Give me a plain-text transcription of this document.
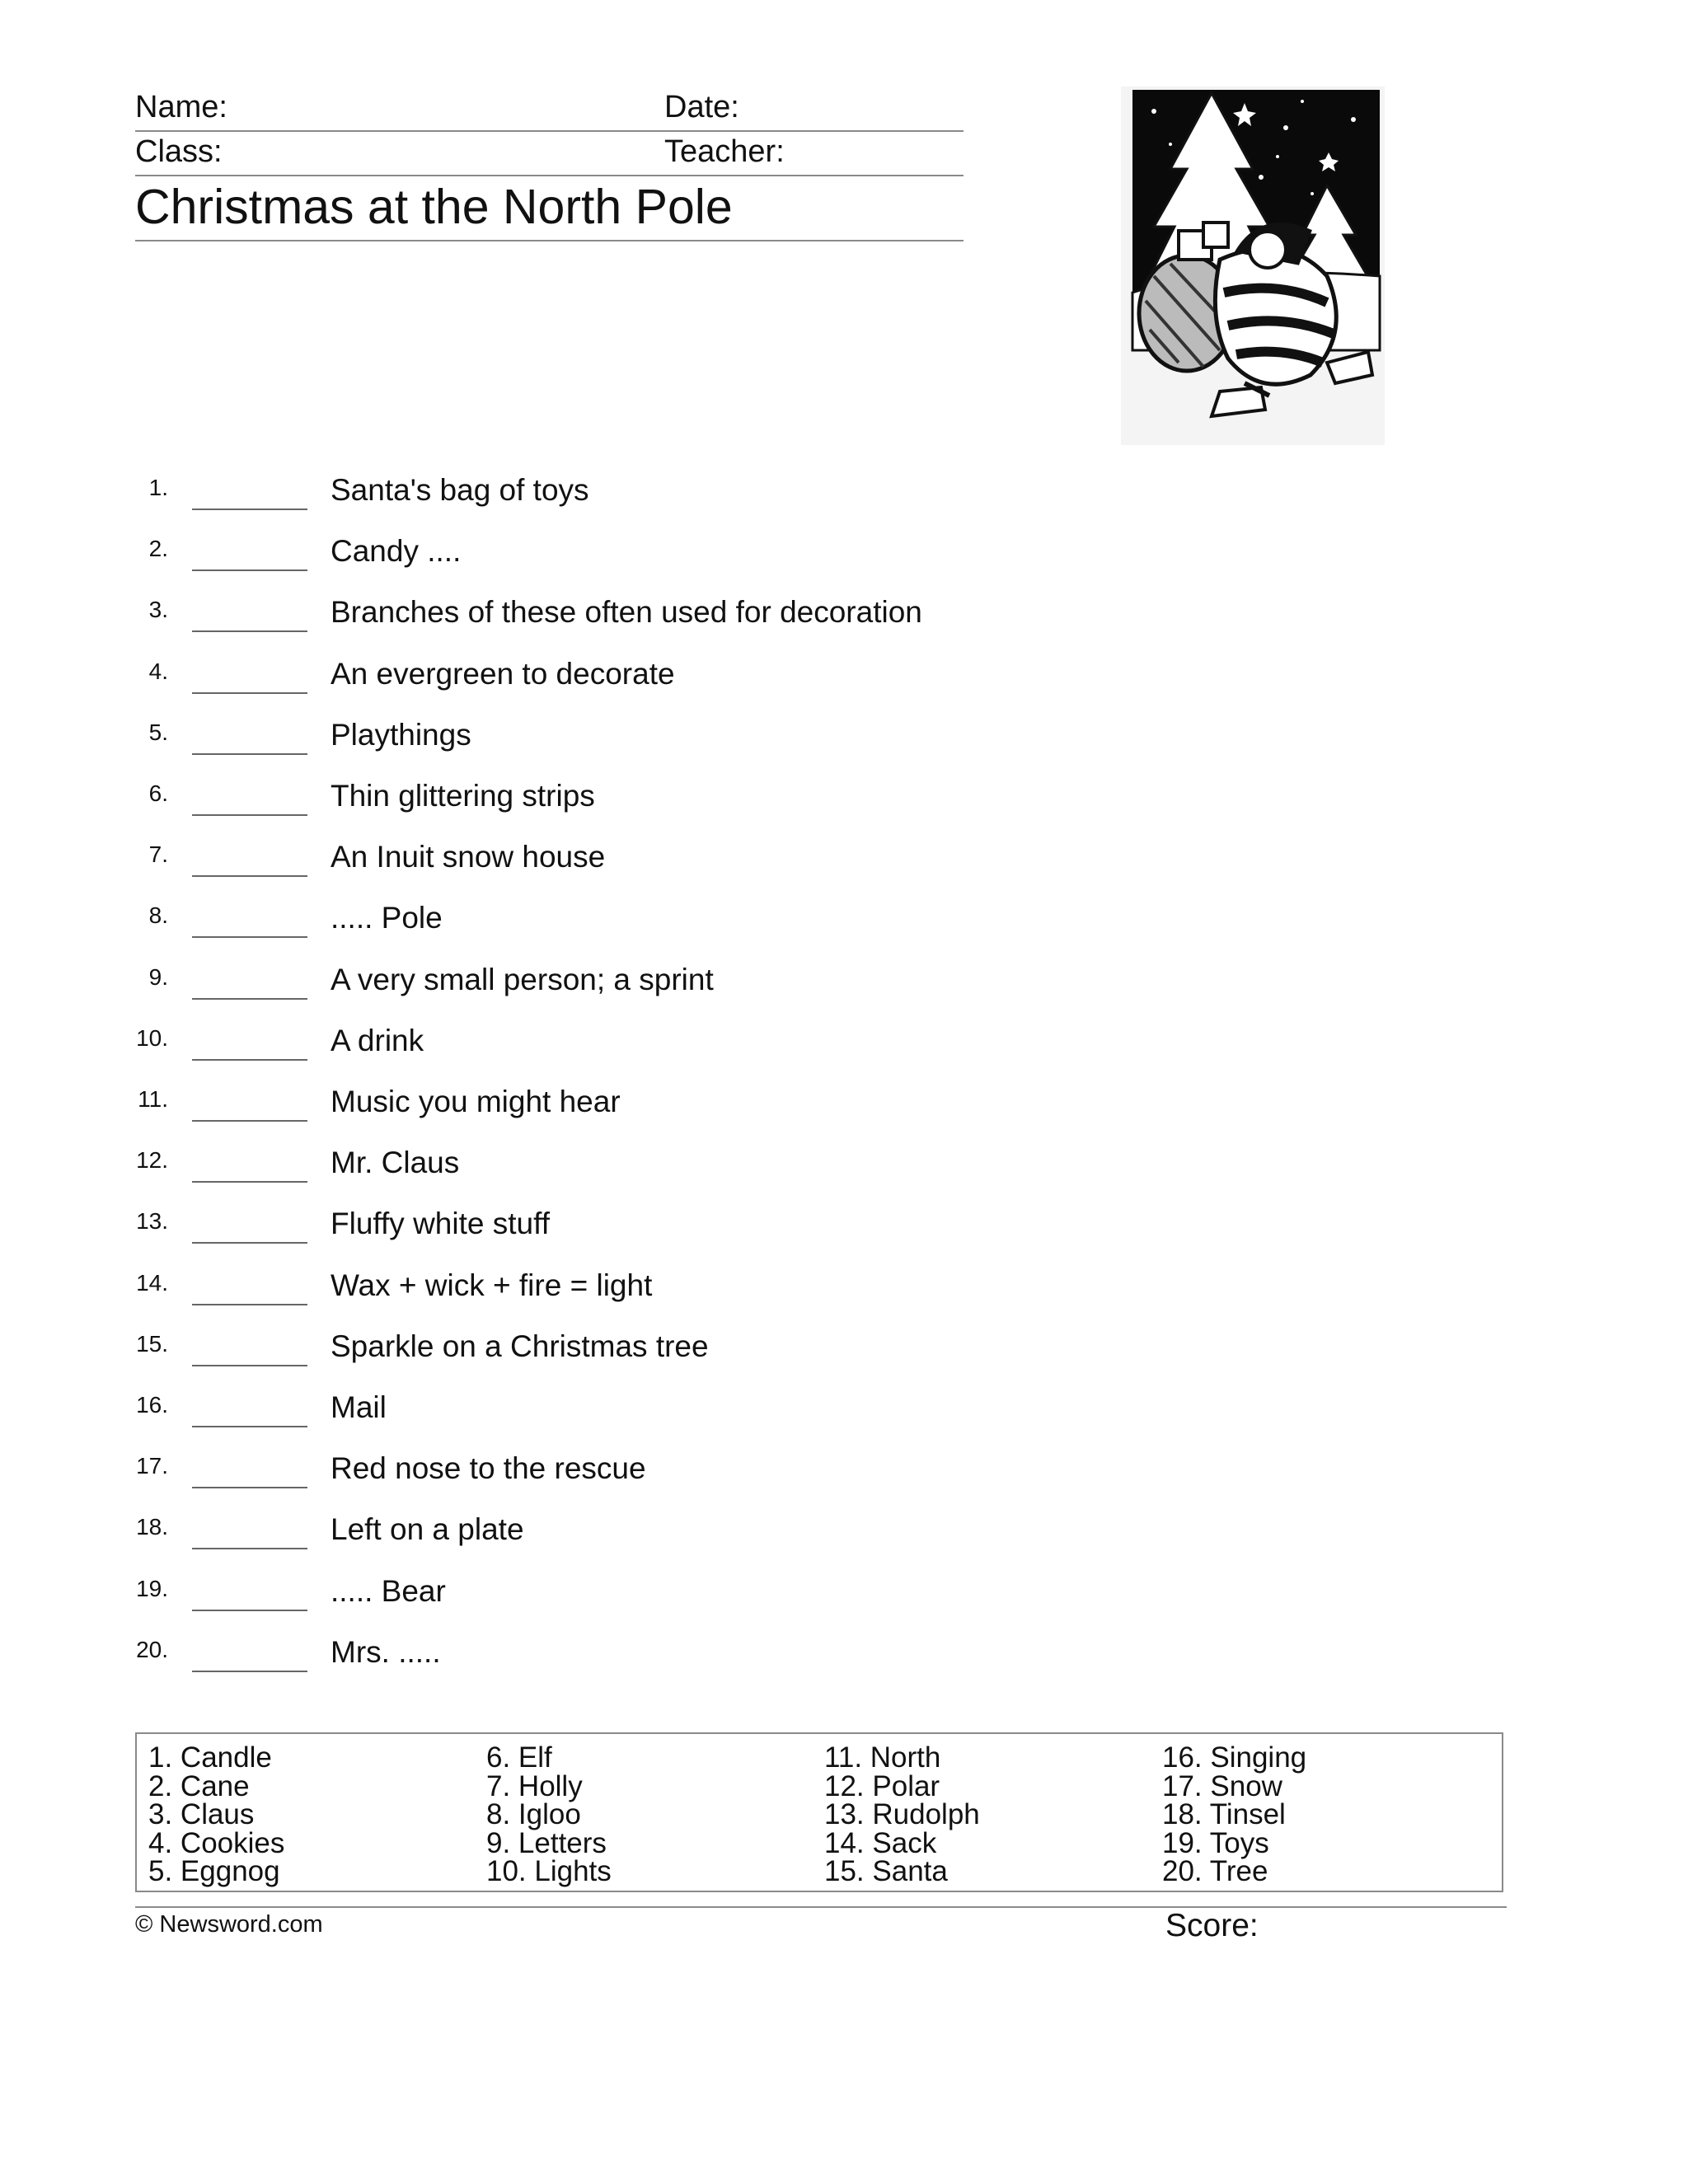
Name:	Date:
Class:	Teacher:
Christmas at the North Pole
1.	Santa's bag of toys
2.	Candy ....
3.	Branches of these often used for decoration
4.	An evergreen to decorate
5.	Playthings
6.	Thin glittering strips
7.	An Inuit snow house
8.	..... Pole
9.	A very small person; a sprint
10.	A drink
11.	Music you might hear
12.	Mr. Claus
13.	Fluffy white stuff
14.	Wax + wick + fire = light
15.	Sparkle on a Christmas tree
16.	Mail
17.	Red nose to the rescue
18.	Left on a plate
19.	..... Bear
20.	Mrs. .....
1. Candle
2. Cane
3. Claus
4. Cookies
5. Eggnog
6. Elf
7. Holly
8. Igloo
9. Letters
10. Lights
11. North
12. Polar
13. Rudolph
14. Sack
15. Santa
16. Singing
17. Snow
18. Tinsel
19. Toys
20. Tree
© Newsword.com	Score:
